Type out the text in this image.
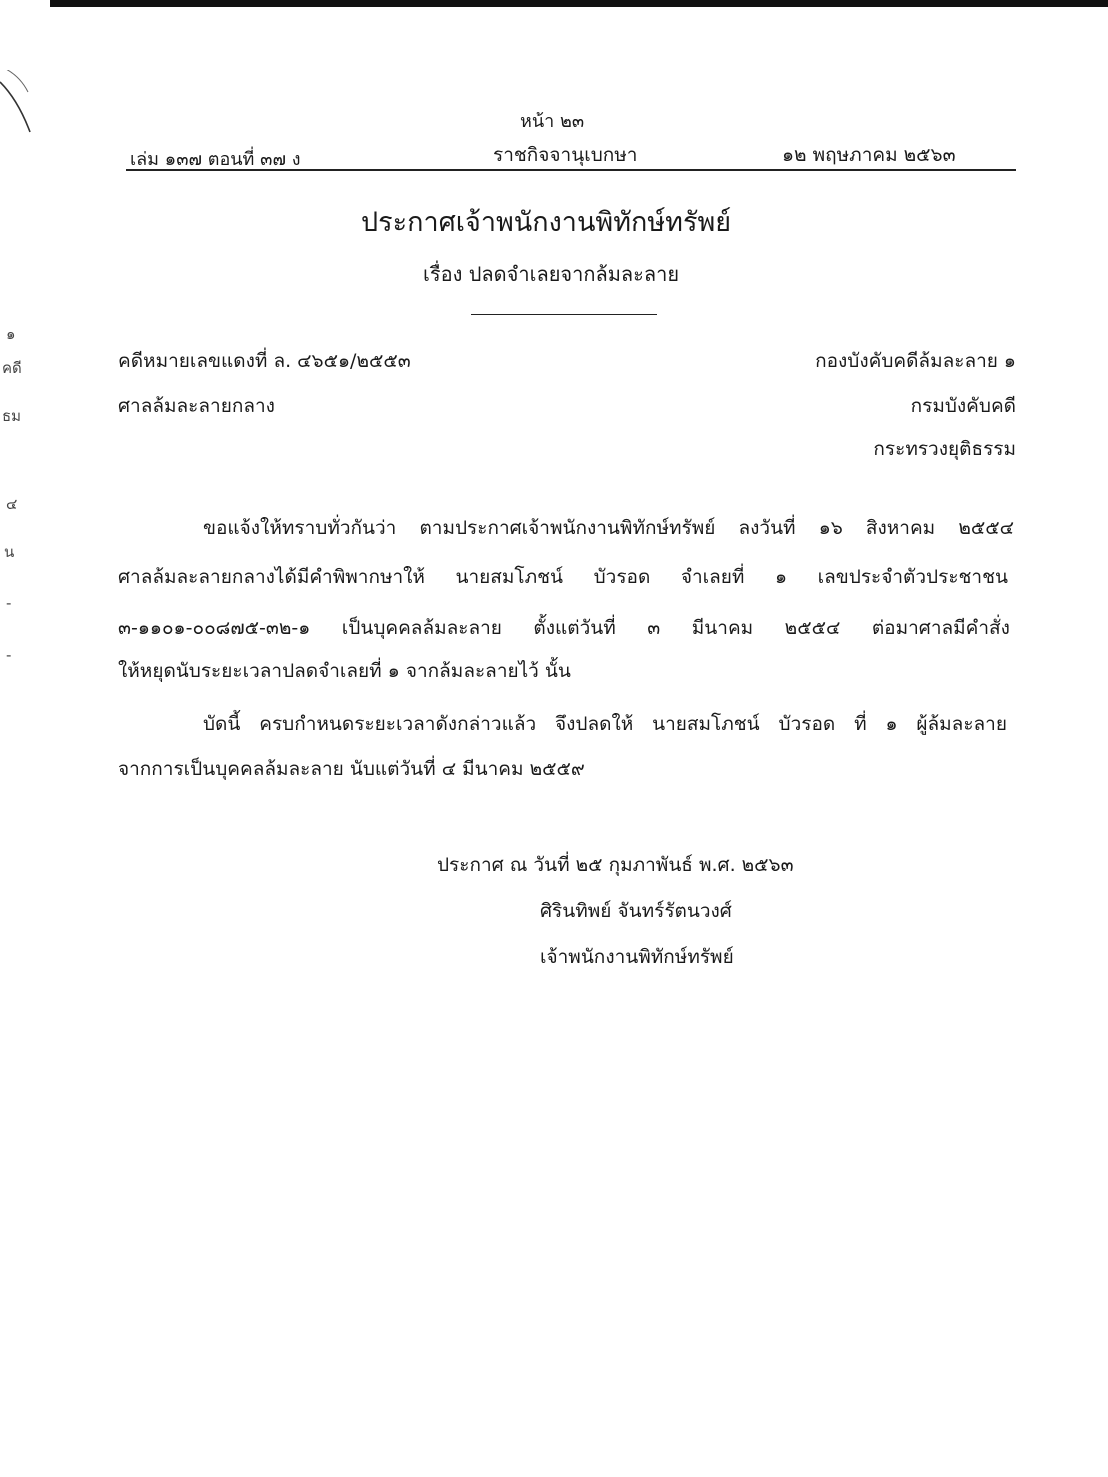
๑
คดี
ธม
๔
น
-
-
หน้า ๒๓
เล่ม ๑๓๗ ตอนที่ ๓๗ ง	ราชกิจจานุเบกษา	๑๒ พฤษภาคม ๒๕๖๓
ประกาศเจ้าพนักงานพิทักษ์ทรัพย์
เรื่อง ปลดจำเลยจากล้มละลาย
คดีหมายเลขแดงที่ ล. ๔๖๕๑/๒๕๕๓
ศาลล้มละลายกลาง
กองบังคับคดีล้มละลาย ๑
กรมบังคับคดี
กระทรวงยุติธรรม
ขอแจ้งให้ทราบทั่วกันว่า ตามประกาศเจ้าพนักงานพิทักษ์ทรัพย์ ลงวันที่ ๑๖ สิงหาคม ๒๕๕๔
ศาลล้มละลายกลางได้มีคำพิพากษาให้ นายสมโภชน์ บัวรอด จำเลยที่ ๑ เลขประจำตัวประชาชน
๓-๑๑๐๑-๐๐๘๗๕-๓๒-๑ เป็นบุคคลล้มละลาย ตั้งแต่วันที่ ๓ มีนาคม ๒๕๕๔ ต่อมาศาลมีคำสั่ง
ให้หยุดนับระยะเวลาปลดจำเลยที่ ๑ จากล้มละลายไว้ นั้น
บัดนี้ ครบกำหนดระยะเวลาดังกล่าวแล้ว จึงปลดให้ นายสมโภชน์ บัวรอด ที่ ๑ ผู้ล้มละลาย
จากการเป็นบุคคลล้มละลาย นับแต่วันที่ ๔ มีนาคม ๒๕๕๙
ประกาศ ณ วันที่ ๒๕ กุมภาพันธ์ พ.ศ. ๒๕๖๓
ศิรินทิพย์ จันทร์รัตนวงศ์
เจ้าพนักงานพิทักษ์ทรัพย์
